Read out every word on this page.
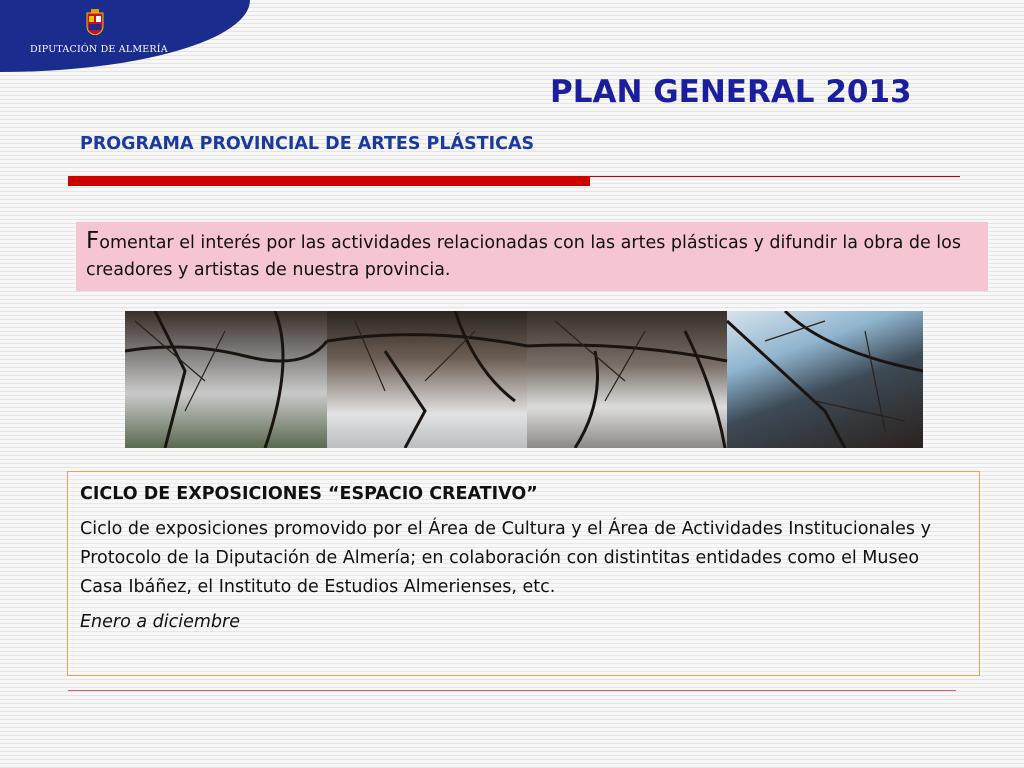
DIPUTACIÓN DE ALMERÍA
PLAN GENERAL 2013
PROGRAMA PROVINCIAL DE ARTES PLÁSTICAS
Fomentar el interés por las actividades relacionadas con las artes plásticas y difundir la obra de los creadores y artistas de nuestra provincia.
CICLO DE EXPOSICIONES “ESPACIO CREATIVO”

Ciclo de exposiciones promovido por el Área de Cultura y el Área de Actividades Institucionales y Protocolo de la Diputación de Almería; en colaboración con distintitas entidades como el Museo Casa Ibáñez, el Instituto de Estudios Almerienses, etc.

Enero a diciembre
